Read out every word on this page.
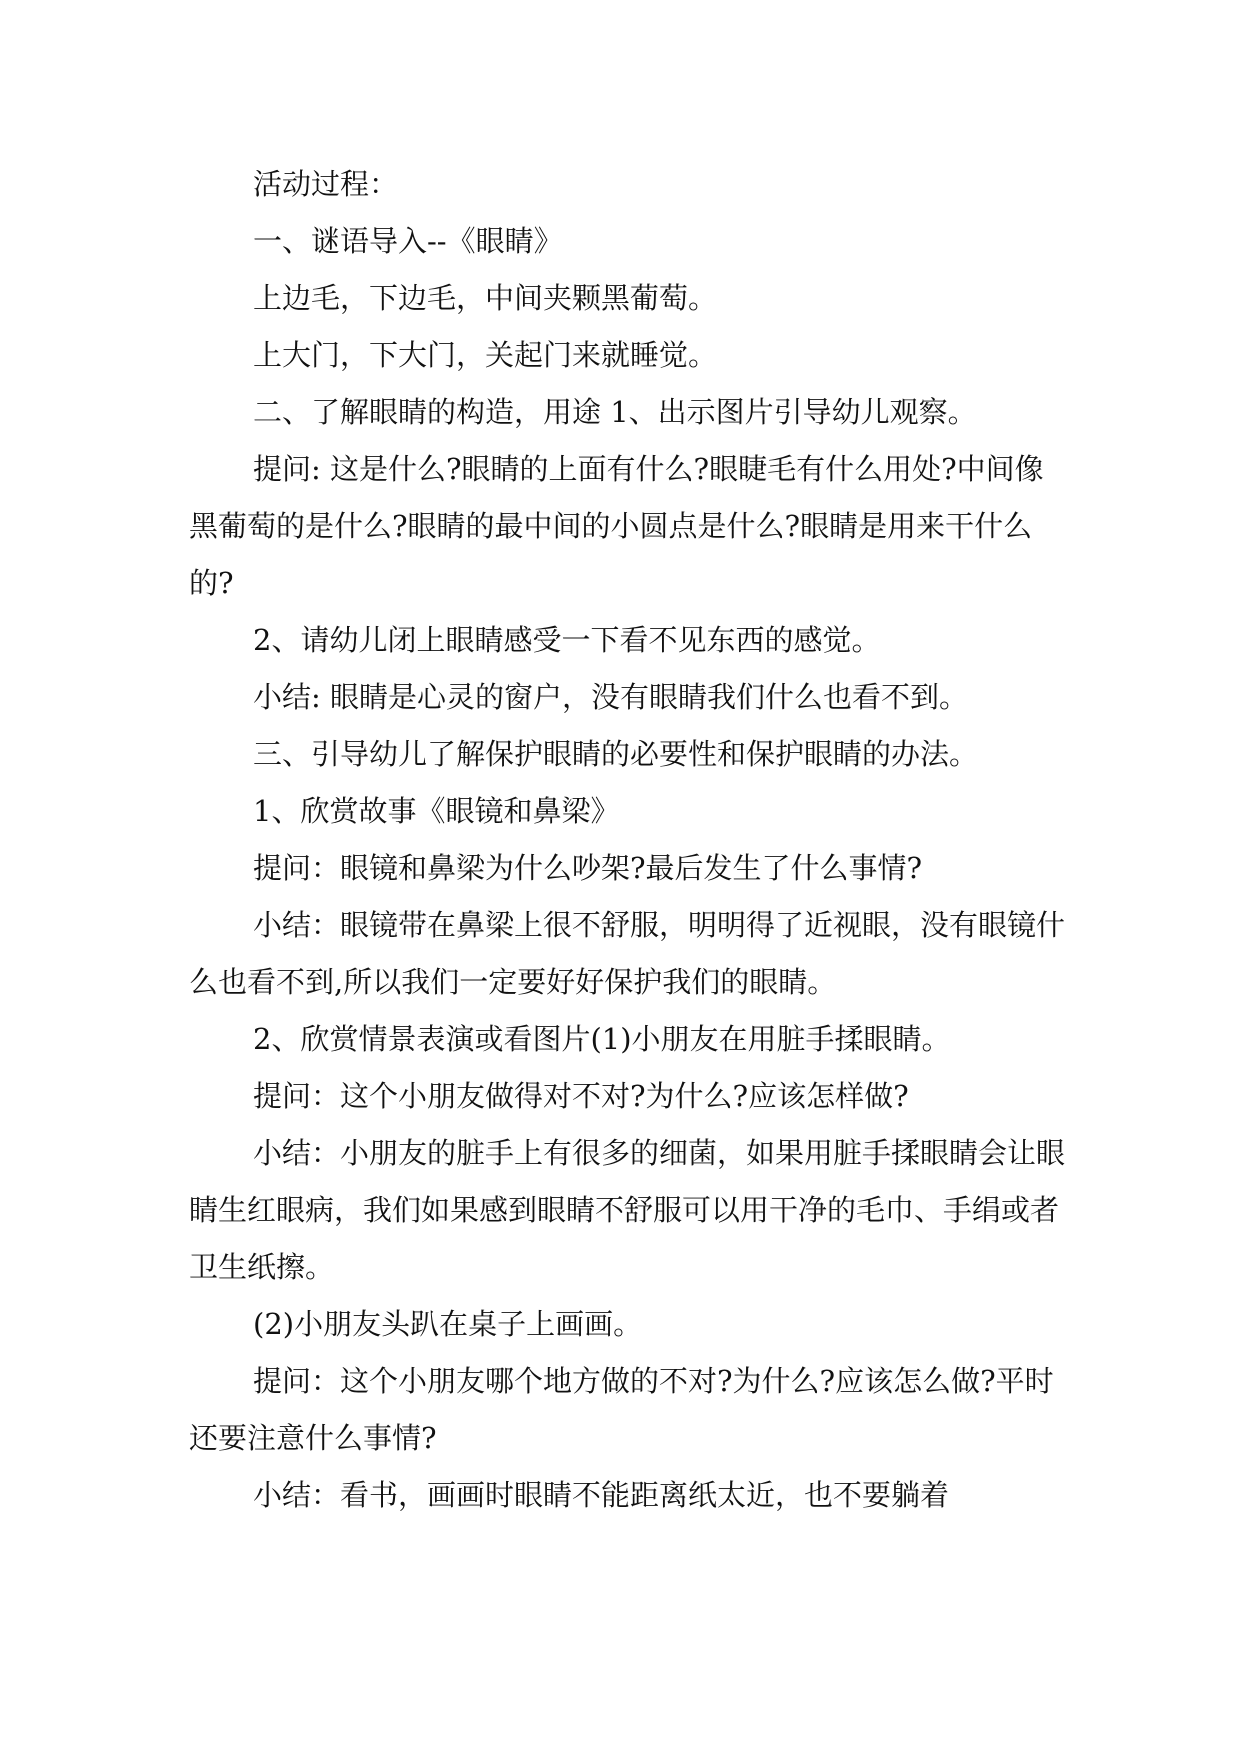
活动过程：

一、谜语导入--《眼睛》

上边毛，下边毛，中间夹颗黑葡萄。

上大门，下大门，关起门来就睡觉。

二、了解眼睛的构造，用途 1、出示图片引导幼儿观察。

提问: 这是什么?眼睛的上面有什么?眼睫毛有什么用处?中间像黑葡萄的是什么?眼睛的最中间的小圆点是什么?眼睛是用来干什么的?

2、请幼儿闭上眼睛感受一下看不见东西的感觉。

小结: 眼睛是心灵的窗户，没有眼睛我们什么也看不到。

三、引导幼儿了解保护眼睛的必要性和保护眼睛的办法。

1、欣赏故事《眼镜和鼻梁》

提问：眼镜和鼻梁为什么吵架?最后发生了什么事情?

小结：眼镜带在鼻梁上很不舒服，明明得了近视眼，没有眼镜什么也看不到,所以我们一定要好好保护我们的眼睛。

2、欣赏情景表演或看图片(1)小朋友在用脏手揉眼睛。

提问：这个小朋友做得对不对?为什么?应该怎样做?

小结：小朋友的脏手上有很多的细菌，如果用脏手揉眼睛会让眼睛生红眼病，我们如果感到眼睛不舒服可以用干净的毛巾、手绢或者卫生纸擦。

(2)小朋友头趴在桌子上画画。

提问：这个小朋友哪个地方做的不对?为什么?应该怎么做?平时还要注意什么事情?

小结：看书，画画时眼睛不能距离纸太近，也不要躺着
